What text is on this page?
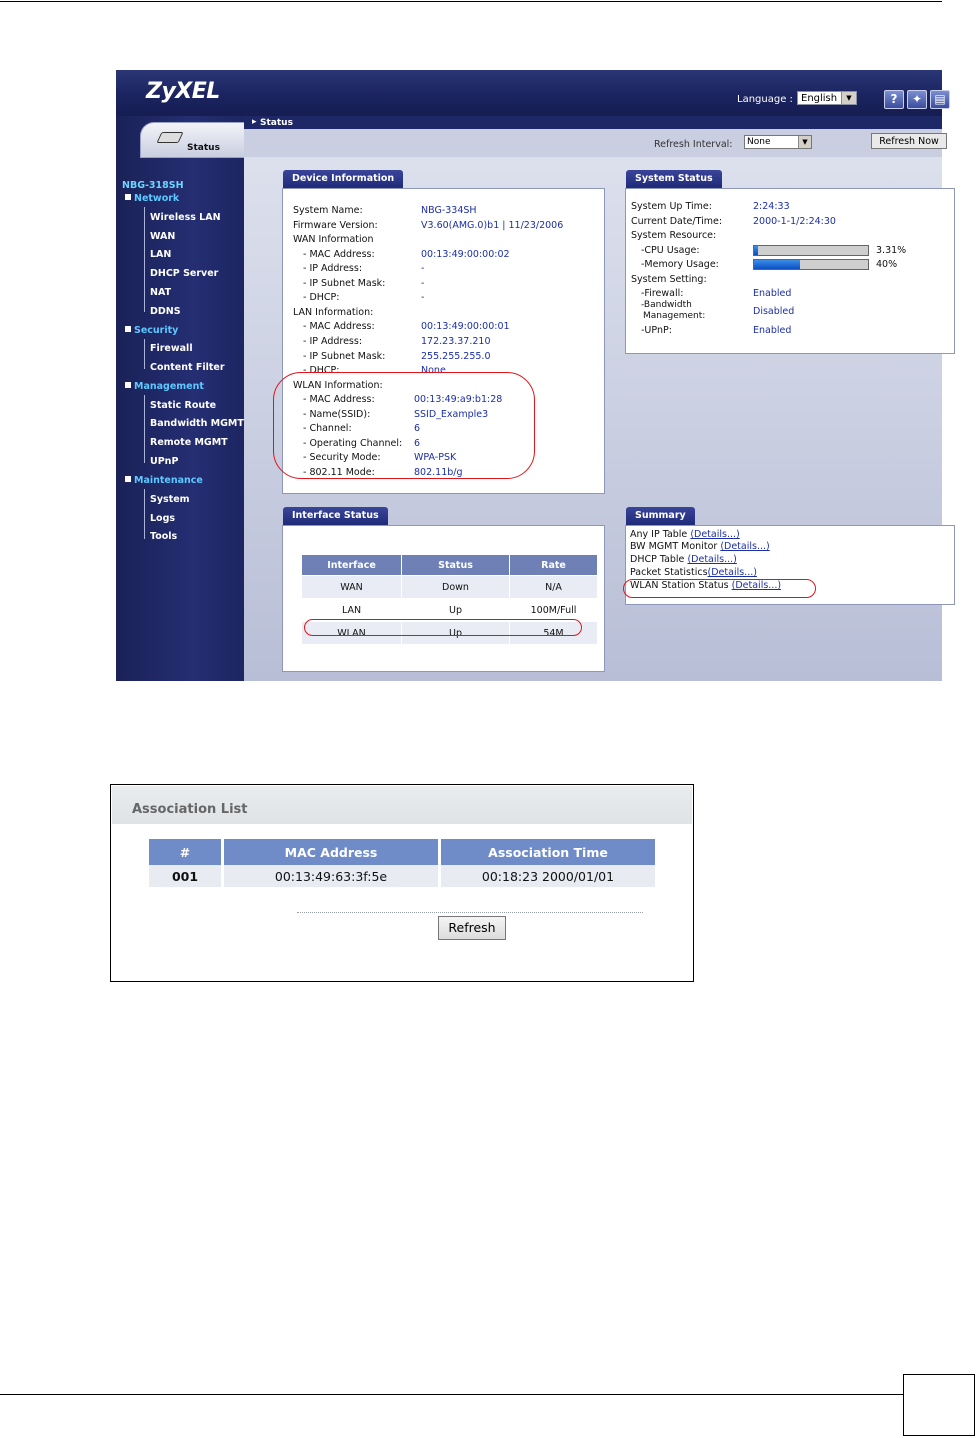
ZyXEL	Language : English	▼	?	✦	▤
Status
NBG-318SH
Network
Wireless LAN
WAN
LAN
DHCP Server
NAT
DDNS
Security
Firewall
Content Filter
Management
Static Route
Bandwidth MGMT
Remote MGMT
UPnP
Maintenance
System
Logs
Tools
▸ Status
Refresh Interval:	None	▼	Refresh Now
Device Information
System Name:	NBG-334SH
Firmware Version:	V3.60(AMG.0)b1 | 11/23/2006
WAN Information
- MAC Address:	00:13:49:00:00:02
- IP Address:	-
- IP Subnet Mask:	-
- DHCP:	-
LAN Information:
- MAC Address:	00:13:49:00:00:01
- IP Address:	172.23.37.210
- IP Subnet Mask:	255.255.255.0
- DHCP:	None
WLAN Information:
- MAC Address:	00:13:49:a9:b1:28
- Name(SSID):	SSID_Example3
- Channel:	6
- Operating Channel: 6
- Security Mode:	WPA-PSK
- 802.11 Mode:	802.11b/g
System Status
System Up Time:	2:24:33
Current Date/Time:	2000-1-1/2:24:30
System Resource:
-CPU Usage:	3.31%
-Memory Usage:	40%
System Setting:
-Firewall:	Enabled
-Bandwidth
Management:	Disabled
-UPnP:	Enabled
Interface Status
Interface	Status	Rate
WAN	Down	N/A
LAN	Up	100M/Full
WLAN	Up	54M
Summary
Any IP Table (Details...)
BW MGMT Monitor (Details...)
DHCP Table (Details...)
Packet Statistics(Details...)
WLAN Station Status (Details...)
Association List
#	MAC Address	Association Time
001	00:13:49:63:3f:5e	00:18:23 2000/01/01
Refresh
